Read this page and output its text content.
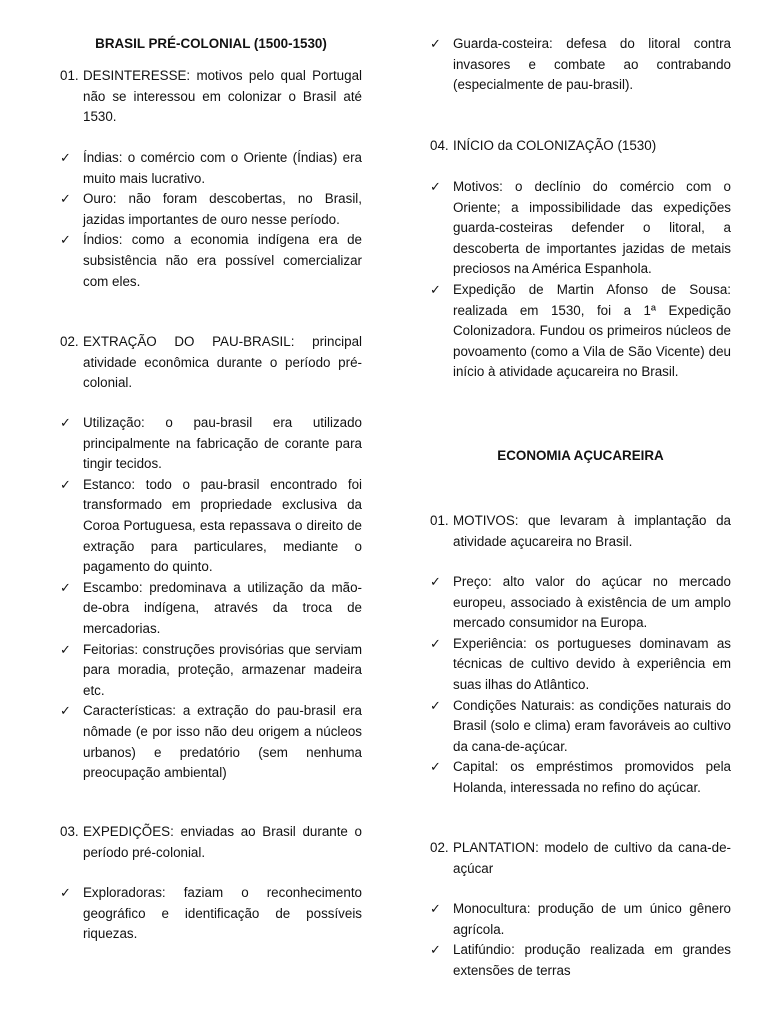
BRASIL PRÉ-COLONIAL (1500-1530)
01. DESINTERESSE: motivos pelo qual Portugal não se interessou em colonizar o Brasil até 1530.
✓ Índias: o comércio com o Oriente (Índias) era muito mais lucrativo.
✓ Ouro: não foram descobertas, no Brasil, jazidas importantes de ouro nesse período.
✓ Índios: como a economia indígena era de subsistência não era possível comercializar com eles.
02. EXTRAÇÃO DO PAU-BRASIL: principal atividade econômica durante o período pré-colonial.
✓ Utilização: o pau-brasil era utilizado principalmente na fabricação de corante para tingir tecidos.
✓ Estanco: todo o pau-brasil encontrado foi transformado em propriedade exclusiva da Coroa Portuguesa, esta repassava o direito de extração para particulares, mediante o pagamento do quinto.
✓ Escambo: predominava a utilização da mão-de-obra indígena, através da troca de mercadorias.
✓ Feitorias: construções provisórias que serviam para moradia, proteção, armazenar madeira etc.
✓ Características: a extração do pau-brasil era nômade (e por isso não deu origem a núcleos urbanos) e predatório (sem nenhuma preocupação ambiental)
03. EXPEDIÇÕES: enviadas ao Brasil durante o período pré-colonial.
✓ Exploradoras: faziam o reconhecimento geográfico e identificação de possíveis riquezas.
✓ Guarda-costeira: defesa do litoral contra invasores e combate ao contrabando (especialmente de pau-brasil).
04. INÍCIO da COLONIZAÇÃO (1530)
✓ Motivos: o declínio do comércio com o Oriente; a impossibilidade das expedições guarda-costeiras defender o litoral, a descoberta de importantes jazidas de metais preciosos na América Espanhola.
✓ Expedição de Martin Afonso de Sousa: realizada em 1530, foi a 1ª Expedição Colonizadora. Fundou os primeiros núcleos de povoamento (como a Vila de São Vicente) deu início à atividade açucareira no Brasil.
ECONOMIA AÇUCAREIRA
01. MOTIVOS: que levaram à implantação da atividade açucareira no Brasil.
✓ Preço: alto valor do açúcar no mercado europeu, associado à existência de um amplo mercado consumidor na Europa.
✓ Experiência: os portugueses dominavam as técnicas de cultivo devido à experiência em suas ilhas do Atlântico.
✓ Condições Naturais: as condições naturais do Brasil (solo e clima) eram favoráveis ao cultivo da cana-de-açúcar.
✓ Capital: os empréstimos promovidos pela Holanda, interessada no refino do açúcar.
02. PLANTATION: modelo de cultivo da cana-de-açúcar
✓ Monocultura: produção de um único gênero agrícola.
✓ Latifúndio: produção realizada em grandes extensões de terras
